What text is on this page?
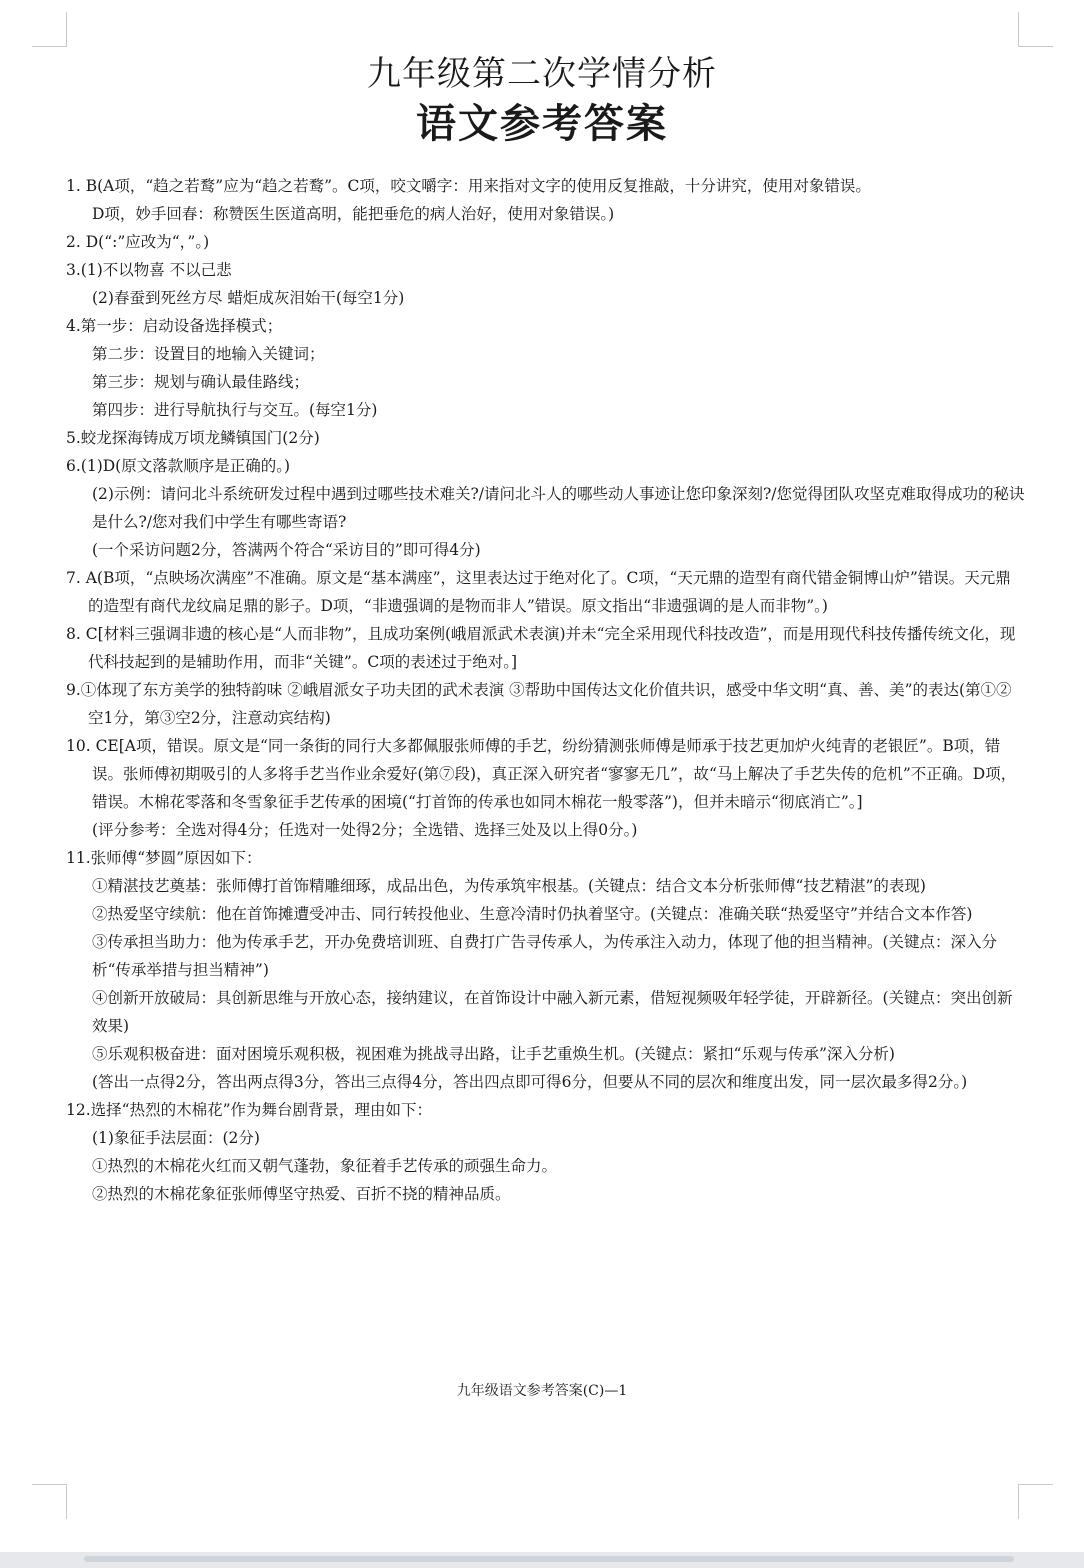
九年级第二次学情分析
语文参考答案

1. B(A项，“趋之若鹜”应为“趋之若鹜”。C项，咬文嚼字：用来指对文字的使用反复推敲，十分讲究，使用对象错误。

D项，妙手回春：称赞医生医道高明，能把垂危的病人治好，使用对象错误。)

2. D(“:”应改为“，”。)

3.(1)不以物喜 不以己悲

(2)春蚕到死丝方尽 蜡炬成灰泪始干(每空1分)

4.第一步：启动设备选择模式；

第二步：设置目的地输入关键词；

第三步：规划与确认最佳路线；

第四步：进行导航执行与交互。(每空1分)

5.蛟龙探海铸成万顷龙鳞镇国门(2分)

6.(1)D(原文落款顺序是正确的。)

(2)示例：请问北斗系统研发过程中遇到过哪些技术难关?/请问北斗人的哪些动人事迹让您印象深刻?/您觉得团队攻坚克难取得成功的秘诀是什么?/您对我们中学生有哪些寄语?

(一个采访问题2分，答满两个符合“采访目的”即可得4分)

7. A(B项，“点映场次满座”不准确。原文是“基本满座”，这里表达过于绝对化了。C项，“天元鼎的造型有商代错金铜博山炉”错误。天元鼎的造型有商代龙纹扁足鼎的影子。D项，“非遗强调的是物而非人”错误。原文指出“非遗强调的是人而非物”。)

8. C[材料三强调非遗的核心是“人而非物”，且成功案例(峨眉派武术表演)并未“完全采用现代科技改造”，而是用现代科技传播传统文化，现代科技起到的是辅助作用，而非“关键”。C项的表述过于绝对。]

9.①体现了东方美学的独特韵味 ②峨眉派女子功夫团的武术表演 ③帮助中国传达文化价值共识，感受中华文明“真、善、美”的表达(第①②空1分，第③空2分，注意动宾结构)

10. CE[A项，错误。原文是“同一条街的同行大多都佩服张师傅的手艺，纷纷猜测张师傅是师承于技艺更加炉火纯青的老银匠”。B项，错误。张师傅初期吸引的人多将手艺当作业余爱好(第⑦段)，真正深入研究者“寥寥无几”，故“马上解决了手艺失传的危机”不正确。D项，错误。木棉花零落和冬雪象征手艺传承的困境(“打首饰的传承也如同木棉花一般零落”)，但并未暗示“彻底消亡”。]

(评分参考：全选对得4分；任选对一处得2分；全选错、选择三处及以上得0分。)

11.张师傅“梦圆”原因如下：

①精湛技艺奠基：张师傅打首饰精雕细琢，成品出色，为传承筑牢根基。(关键点：结合文本分析张师傅“技艺精湛”的表现)

②热爱坚守续航：他在首饰摊遭受冲击、同行转投他业、生意冷清时仍执着坚守。(关键点：准确关联“热爱坚守”并结合文本作答)

③传承担当助力：他为传承手艺，开办免费培训班、自费打广告寻传承人，为传承注入动力，体现了他的担当精神。(关键点：深入分析“传承举措与担当精神”)

④创新开放破局：具创新思维与开放心态，接纳建议，在首饰设计中融入新元素，借短视频吸年轻学徒，开辟新径。(关键点：突出创新效果)

⑤乐观积极奋进：面对困境乐观积极，视困难为挑战寻出路，让手艺重焕生机。(关键点：紧扣“乐观与传承”深入分析)

(答出一点得2分，答出两点得3分，答出三点得4分，答出四点即可得6分，但要从不同的层次和维度出发，同一层次最多得2分。)

12.选择“热烈的木棉花”作为舞台剧背景，理由如下：

(1)象征手法层面：(2分)

①热烈的木棉花火红而又朝气蓬勃，象征着手艺传承的顽强生命力。

②热烈的木棉花象征张师傅坚守热爱、百折不挠的精神品质。

九年级语文参考答案(C)—1
